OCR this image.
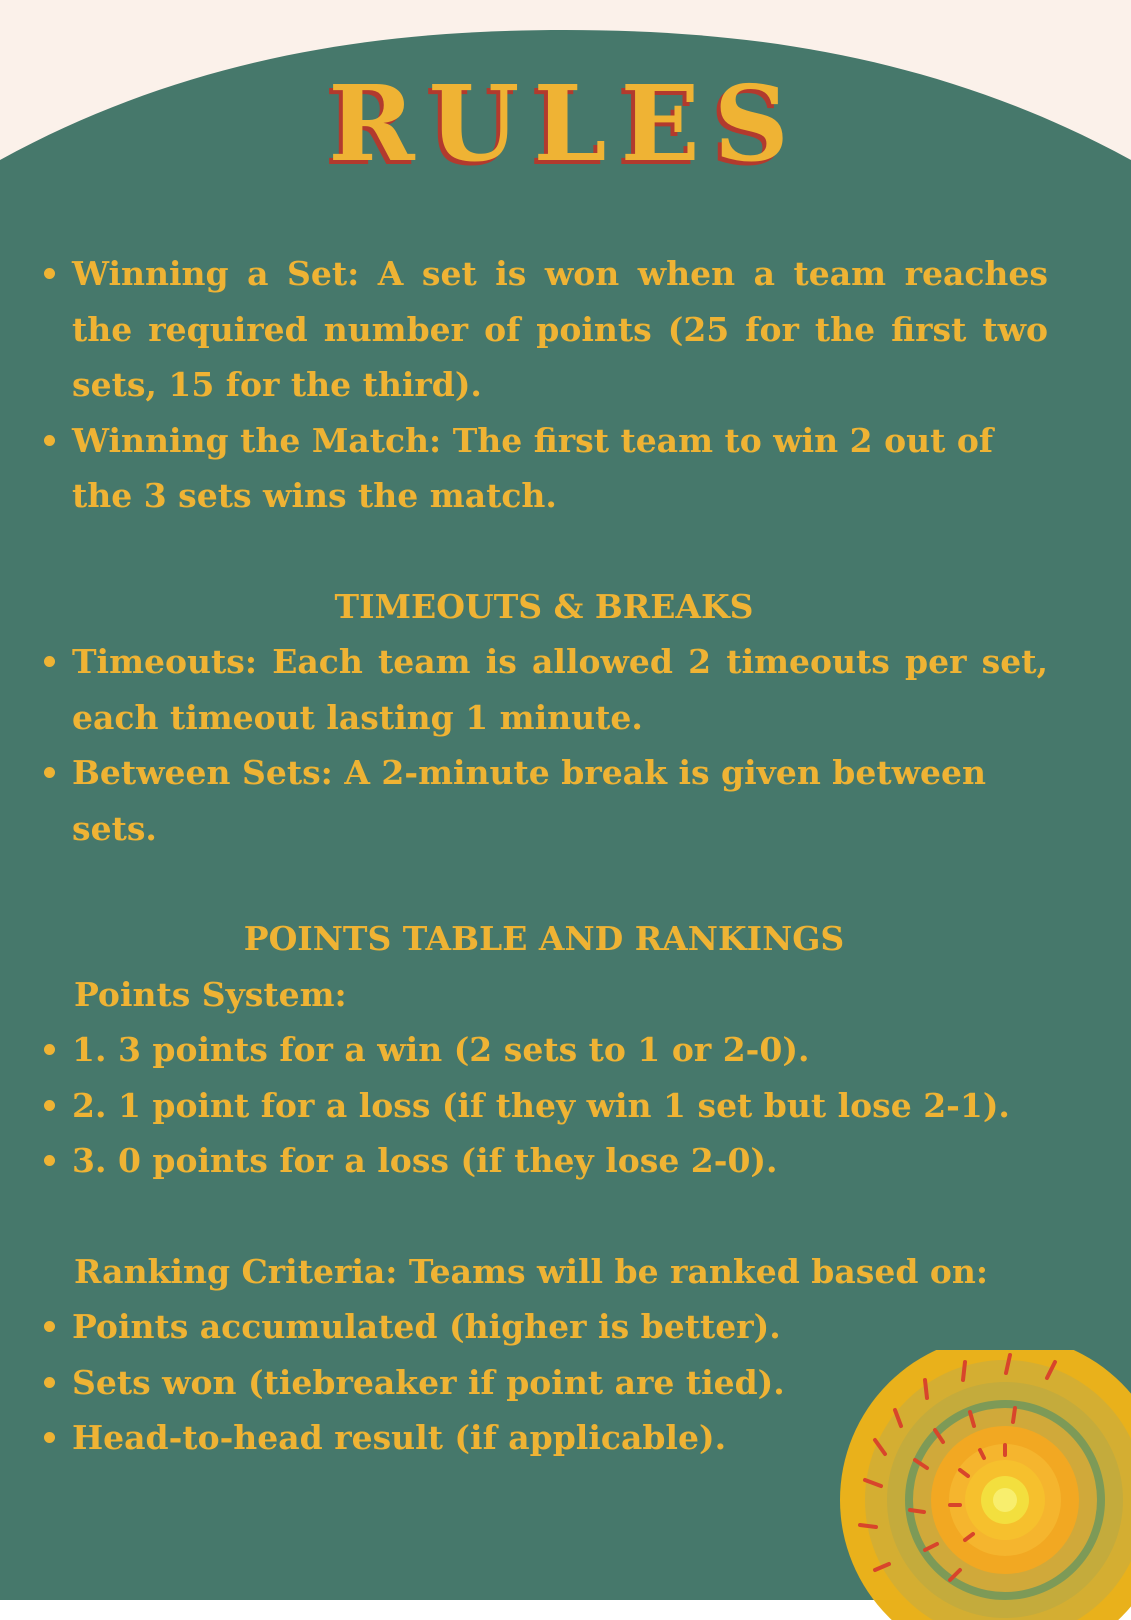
RULES
Winning a Set: A set is won when a team reaches the required number of points (25 for the first two sets, 15 for the third).
Winning the Match: The first team to win 2 out of the 3 sets wins the match.
TIMEOUTS & BREAKS
Timeouts: Each team is allowed 2 timeouts per set, each timeout lasting 1 minute.
Between Sets: A 2-minute break is given between sets.
POINTS TABLE AND RANKINGS
Points System:
1. 3 points for a win (2 sets to 1 or 2-0).
2. 1 point for a loss (if they win 1 set but lose 2-1).
3. 0 points for a loss (if they lose 2-0).
Ranking Criteria: Teams will be ranked based on:
Points accumulated (higher is better).
Sets won (tiebreaker if point are tied).
Head-to-head result (if applicable).
